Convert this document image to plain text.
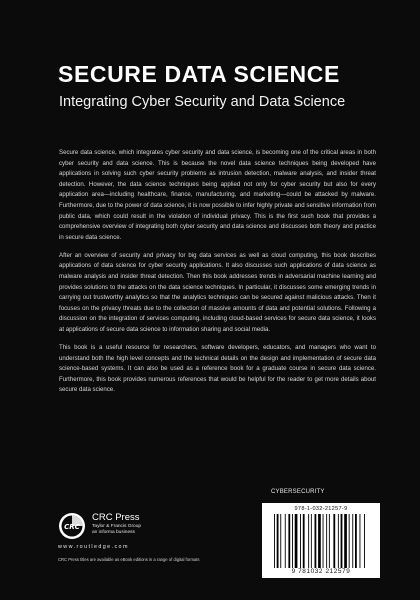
SECURE DATA SCIENCE
Integrating Cyber Security and Data Science

Secure data science, which integrates cyber security and data science, is becoming one of the critical areas in both cyber security and data science. This is because the novel data science techniques being developed have applications in solving such cyber security problems as intrusion detection, malware analysis, and insider threat detection. However, the data science techniques being applied not only for cyber security but also for every application area—including healthcare, finance, manufacturing, and marketing—could be attacked by malware. Furthermore, due to the power of data science, it is now possible to infer highly private and sensitive information from public data, which could result in the violation of individual privacy. This is the first such book that provides a comprehensive overview of integrating both cyber security and data science and discusses both theory and practice in secure data science.

After an overview of security and privacy for big data services as well as cloud computing, this book describes applications of data science for cyber security applications. It also discusses such applications of data science as malware analysis and insider threat detection. Then this book addresses trends in adversarial machine learning and provides solutions to the attacks on the data science techniques. In particular, it discusses some emerging trends in carrying out trustworthy analytics so that the analytics techniques can be secured against malicious attacks. Then it focuses on the privacy threats due to the collection of massive amounts of data and potential solutions. Following a discussion on the integration of services computing, including cloud-based services for secure data science, it looks at applications of secure data science to information sharing and social media.

This book is a useful resource for researchers, software developers, educators, and managers who want to understand both the high level concepts and the technical details on the design and implementation of secure data science-based systems. It can also be used as a reference book for a graduate course in secure data science. Furthermore, this book provides numerous references that would be helpful for the reader to get more details about secure data science.

CYBERSECURITY
978-1-032-21257-9
9 781032 212579
CRC
CRC Press
Taylor & Francis Group
an informa business
www.routledge.com
CRC Press titles are available as eBook editions in a range of digital formats
